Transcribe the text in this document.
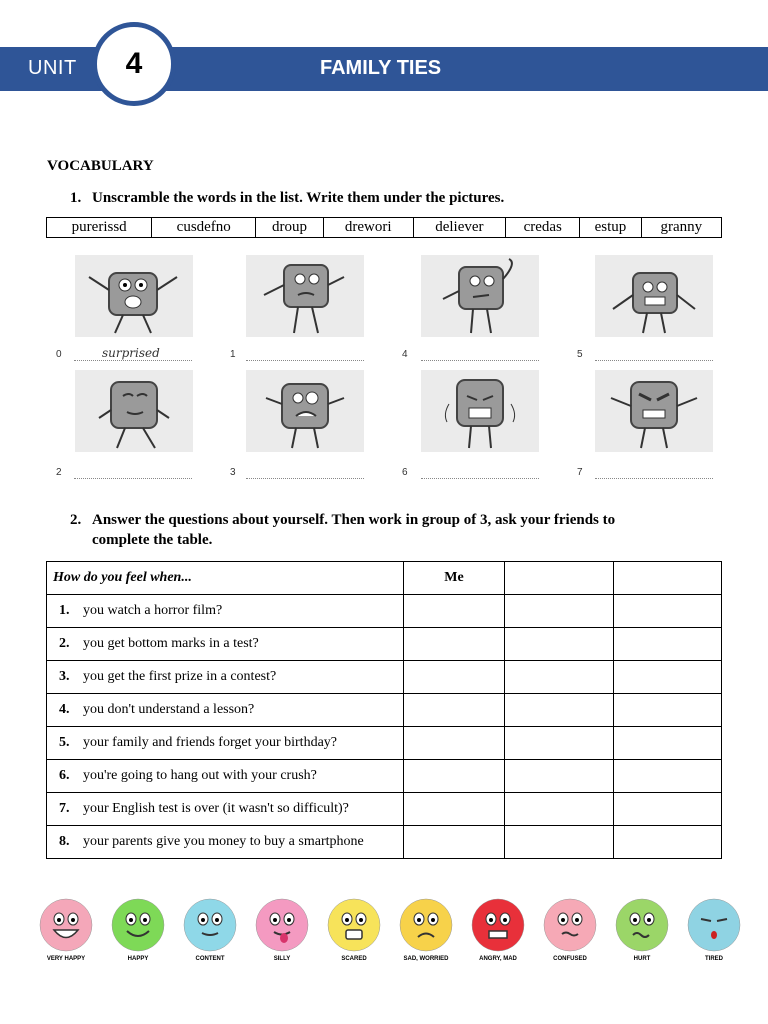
UNIT 4	FAMILY TIES
VOCABULARY
1. Unscramble the words in the list. Write them under the pictures.
purerissd	cusdefno	droup	drewori	deliever	credas	estup	granny
0	surprised	1	4	5
2	3	6	7
2. Answer the questions about yourself. Then work in group of 3, ask your friends to
complete the table.
How do you feel when...	Me		
1. you watch a horror film?			
2. you get bottom marks in a test?			
3. you get the first prize in a contest?			
4. you don't understand a lesson?			
5. your family and friends forget your birthday?			
6. you're going to hang out with your crush?			
7. your English test is over (it wasn't so difficult)?			
8. your parents give you money to buy a smartphone			
VERY HAPPY	HAPPY	CONTENT	SILLY	SCARED	SAD, WORRIED	ANGRY, MAD	CONFUSED	HURT	TIRED
